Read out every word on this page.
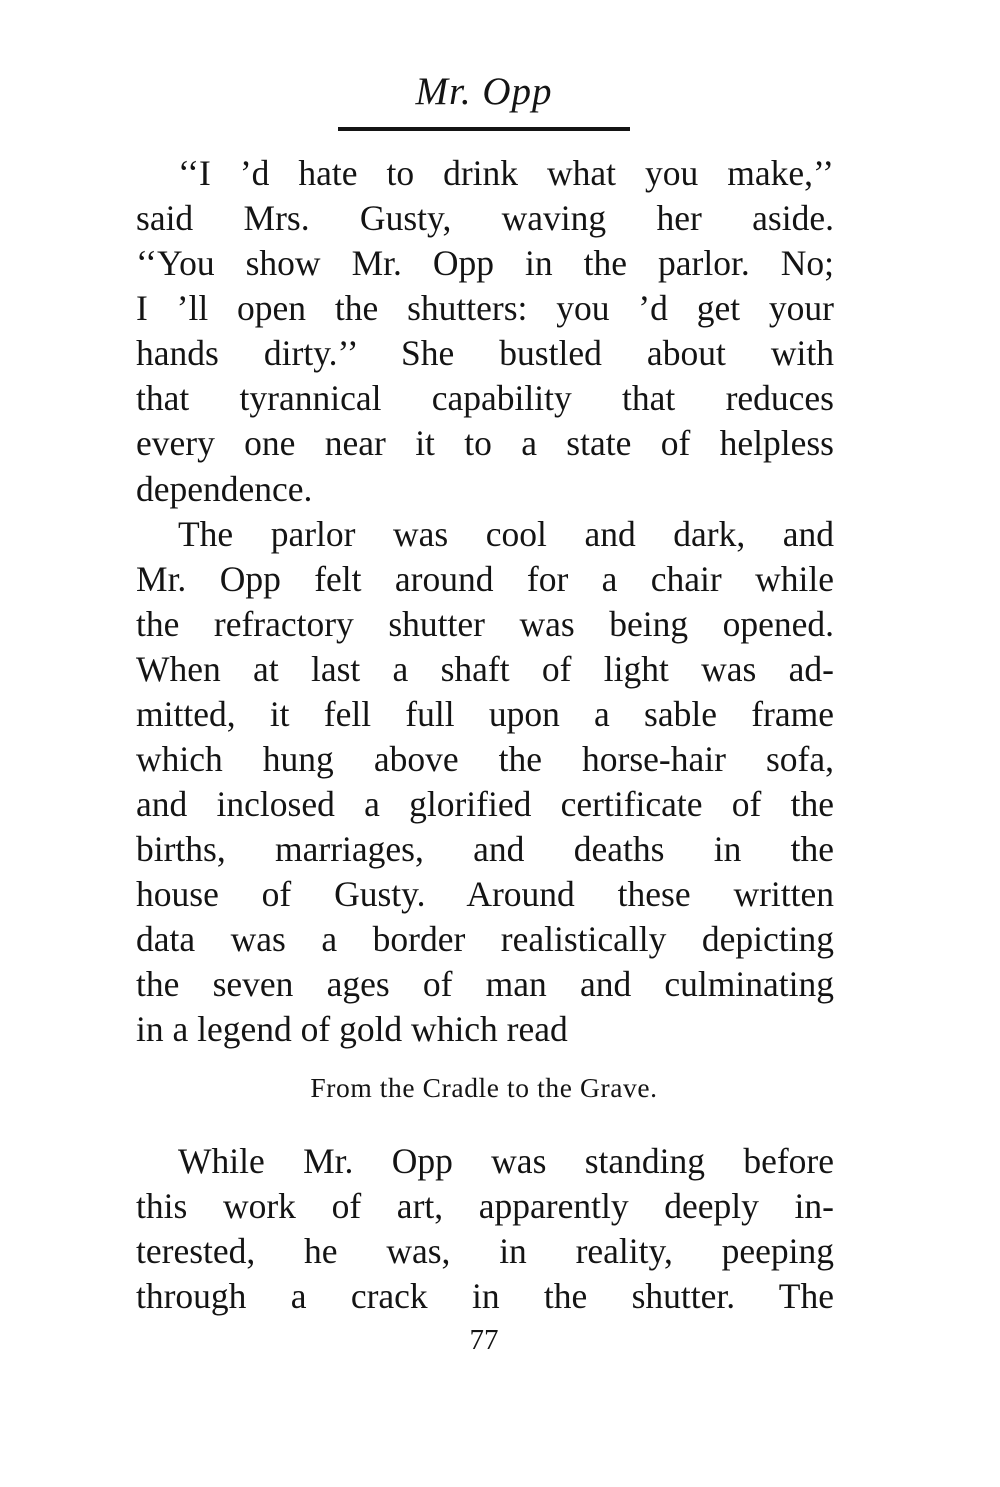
Mr. Opp
‘‘I ’d hate to drink what you make,’’
said Mrs. Gusty, waving her aside.
‘‘You show Mr. Opp in the parlor. No;
I ’ll open the shutters: you ’d get your
hands dirty.’’ She bustled about with
that tyrannical capability that reduces
every one near it to a state of helpless
dependence.
The parlor was cool and dark, and
Mr. Opp felt around for a chair while
the refractory shutter was being opened.
When at last a shaft of light was ad-
mitted, it fell full upon a sable frame
which hung above the horse-hair sofa,
and inclosed a glorified certificate of the
births, marriages, and deaths in the
house of Gusty. Around these written
data was a border realistically depicting
the seven ages of man and culminating
in a legend of gold which read
From the Cradle to the Grave.
While Mr. Opp was standing before
this work of art, apparently deeply in-
terested, he was, in reality, peeping
through a crack in the shutter. The
77
